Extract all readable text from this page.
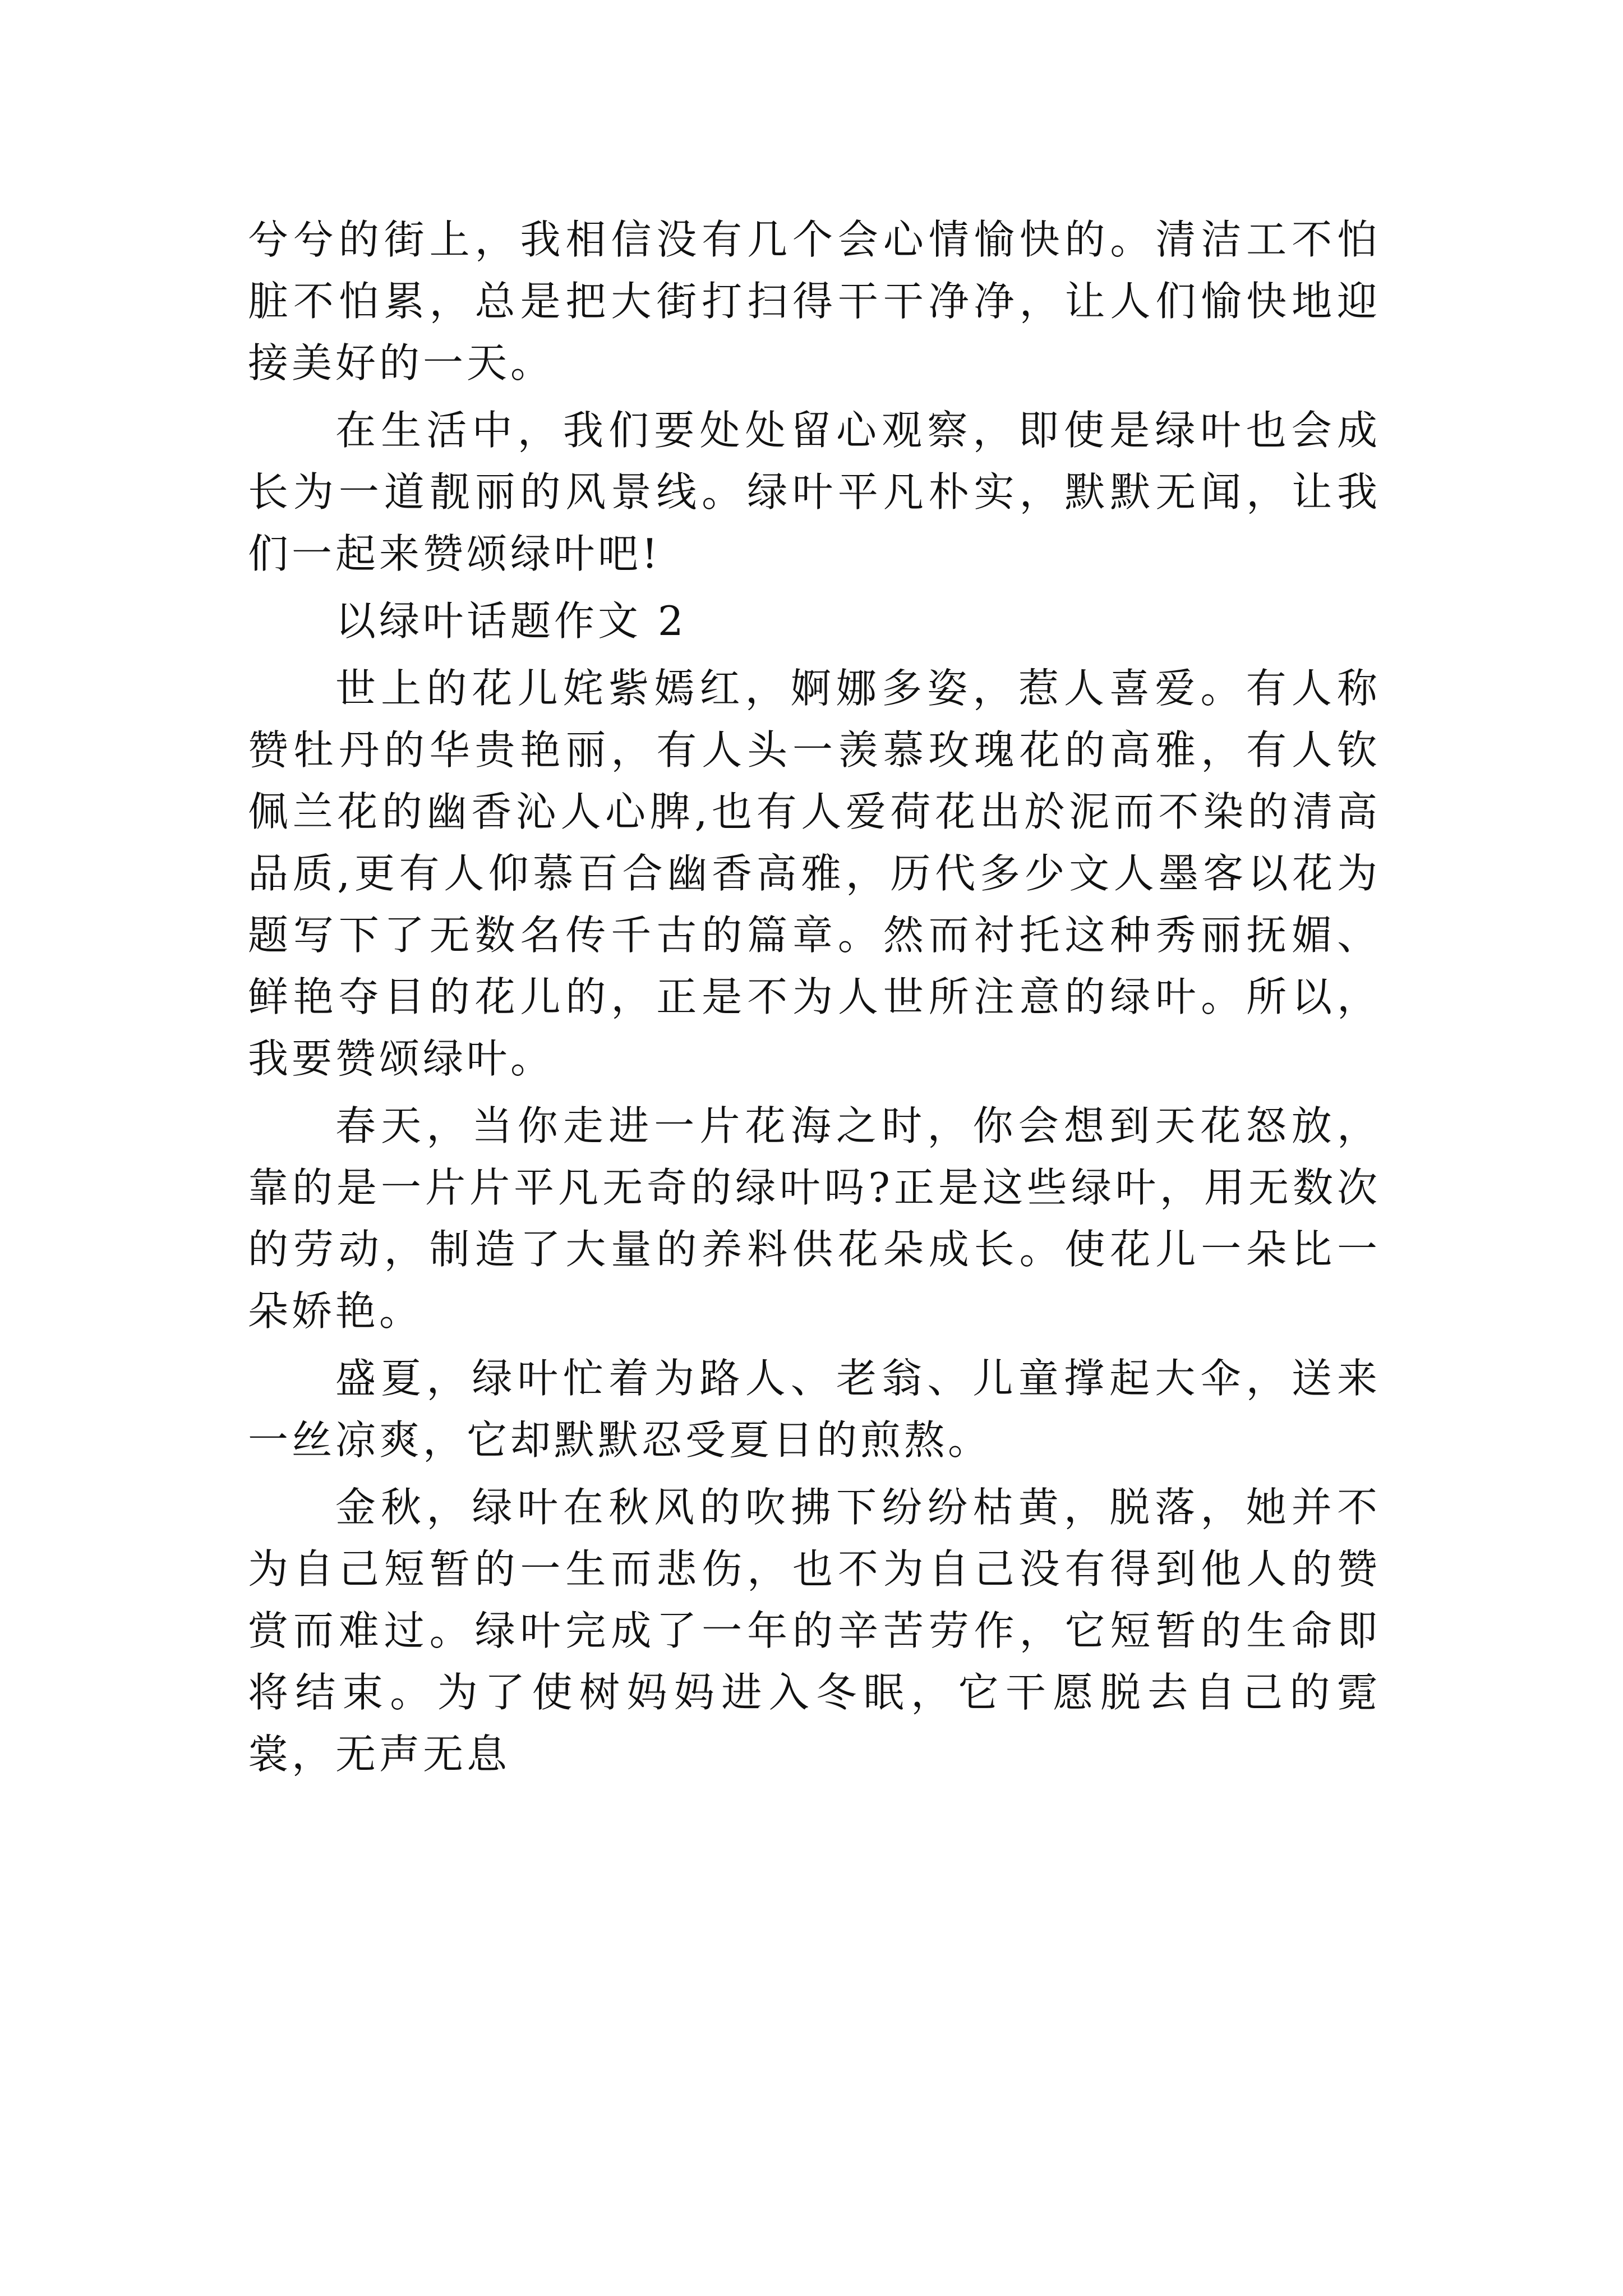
兮兮的街上，我相信没有几个会心情愉快的。清洁工不怕脏不怕累，总是把大街打扫得干干净净，让人们愉快地迎接美好的一天。

在生活中，我们要处处留心观察，即使是绿叶也会成长为一道靓丽的风景线。绿叶平凡朴实，默默无闻，让我们一起来赞颂绿叶吧!

以绿叶话题作文 2

世上的花儿姹紫嫣红，婀娜多姿，惹人喜爱。有人称赞牡丹的华贵艳丽，有人头一羡慕玫瑰花的高雅，有人钦佩兰花的幽香沁人心脾,也有人爱荷花出於泥而不染的清高品质,更有人仰慕百合幽香高雅，历代多少文人墨客以花为题写下了无数名传千古的篇章。然而衬托这种秀丽抚媚、鲜艳夺目的花儿的，正是不为人世所注意的绿叶。所以，我要赞颂绿叶。

春天，当你走进一片花海之时，你会想到天花怒放，靠的是一片片平凡无奇的绿叶吗?正是这些绿叶，用无数次的劳动，制造了大量的养料供花朵成长。使花儿一朵比一朵娇艳。

盛夏，绿叶忙着为路人、老翁、儿童撑起大伞，送来一丝凉爽，它却默默忍受夏日的煎熬。

金秋，绿叶在秋风的吹拂下纷纷枯黄，脱落，她并不为自己短暂的一生而悲伤，也不为自己没有得到他人的赞赏而难过。绿叶完成了一年的辛苦劳作，它短暂的生命即将结束。为了使树妈妈进入冬眠，它干愿脱去自己的霓裳，无声无息
